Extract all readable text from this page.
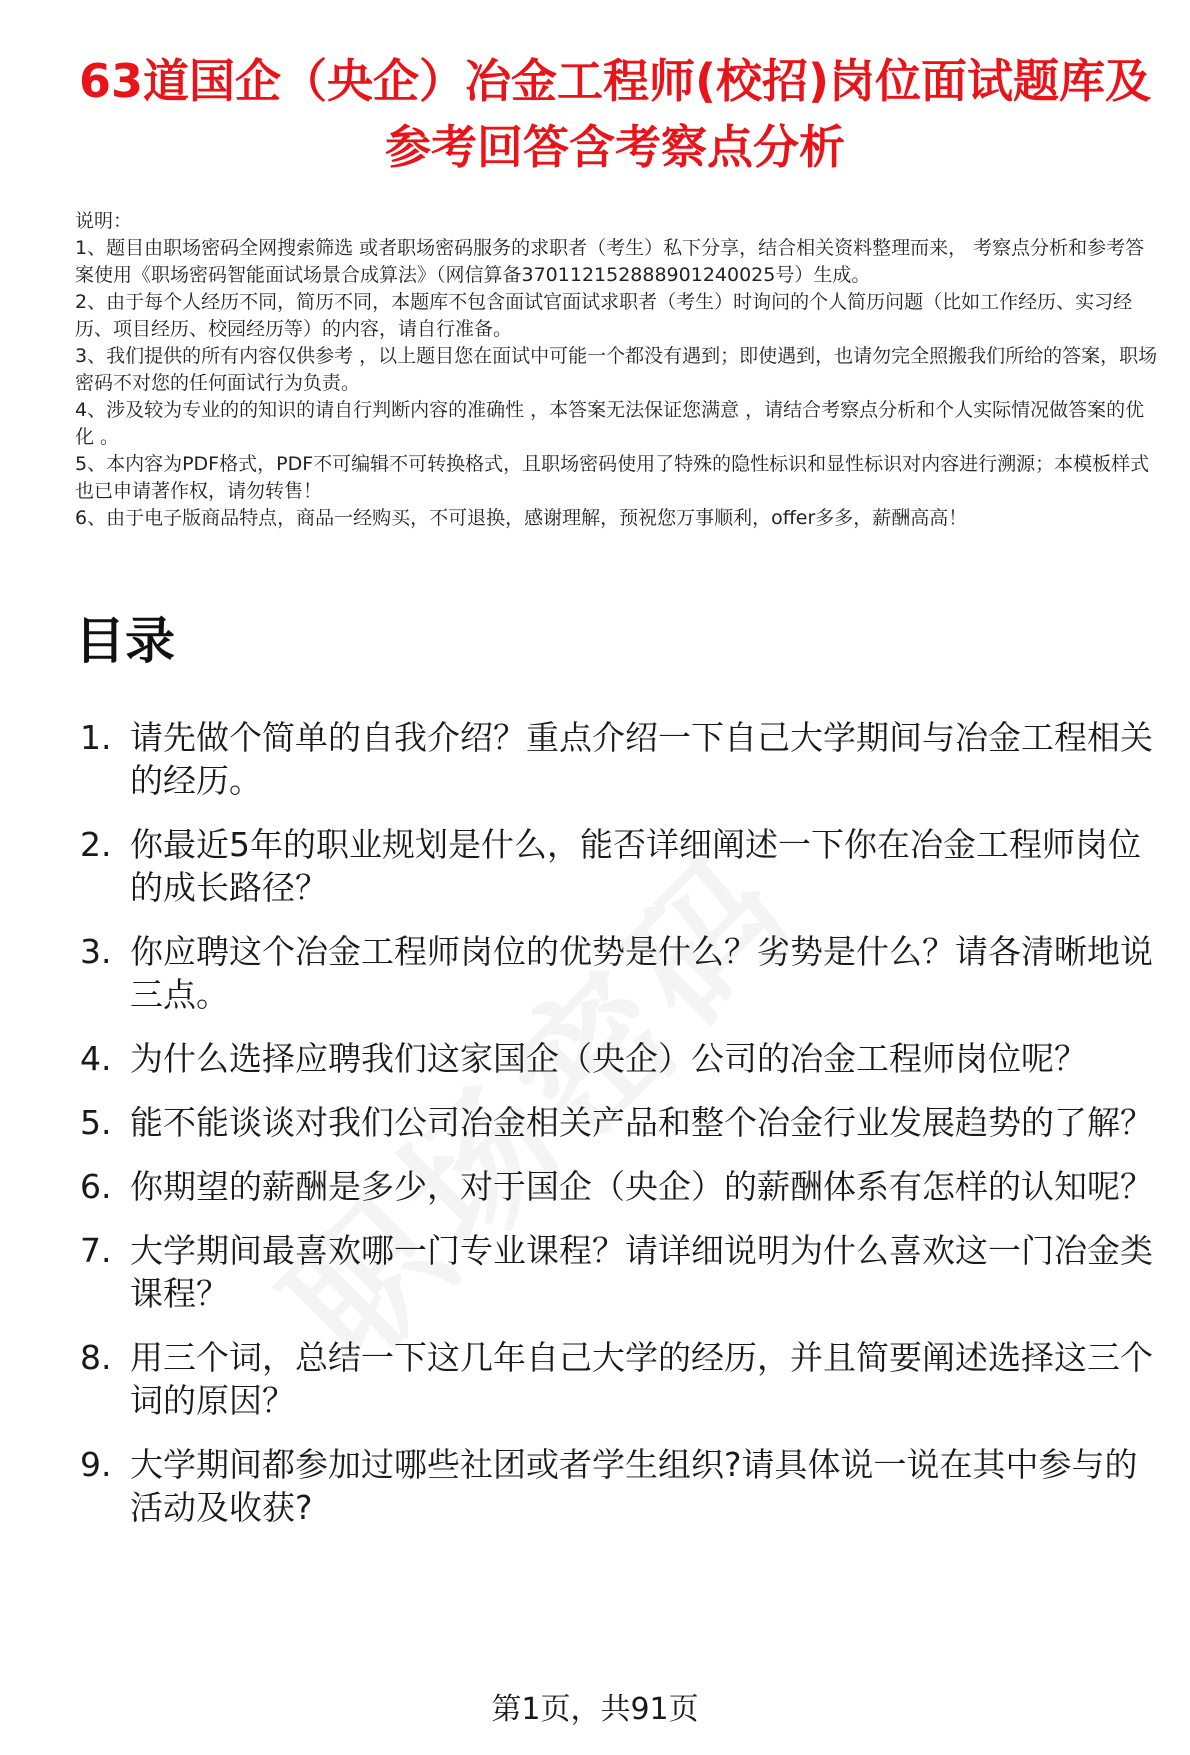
63道国企（央企）冶金工程师(校招)岗位面试题库及参考回答含考察点分析

说明：

1、题目由职场密码全网搜索筛选 或者职场密码服务的求职者（考生）私下分享，结合相关资料整理而来， 考察点分析和参考答案使用《职场密码智能面试场景合成算法》（网信算备370112152888901240025号）生成。

2、由于每个人经历不同，简历不同，本题库不包含面试官面试求职者（考生）时询问的个人简历问题（比如工作经历、实习经历、项目经历、校园经历等）的内容，请自行准备。

3、我们提供的所有内容仅供参考 ，以上题目您在面试中可能一个都没有遇到；即使遇到，也请勿完全照搬我们所给的答案，职场密码不对您的任何面试行为负责。

4、涉及较为专业的的知识的请自行判断内容的准确性 ，本答案无法保证您满意 ，请结合考察点分析和个人实际情况做答案的优化 。

5、本内容为PDF格式，PDF不可编辑不可转换格式，且职场密码使用了特殊的隐性标识和显性标识对内容进行溯源；本模板样式也已申请著作权，请勿转售！

6、由于电子版商品特点，商品一经购买，不可退换，感谢理解，预祝您万事顺利，offer多多，薪酬高高！

目录
1. 请先做个简单的自我介绍？重点介绍一下自己大学期间与冶金工程相关的经历。
2. 你最近5年的职业规划是什么，能否详细阐述一下你在冶金工程师岗位的成长路径？
3. 你应聘这个冶金工程师岗位的优势是什么？劣势是什么？请各清晰地说三点。
4. 为什么选择应聘我们这家国企（央企）公司的冶金工程师岗位呢？
5. 能不能谈谈对我们公司冶金相关产品和整个冶金行业发展趋势的了解？
6. 你期望的薪酬是多少，对于国企（央企）的薪酬体系有怎样的认知呢？
7. 大学期间最喜欢哪一门专业课程？请详细说明为什么喜欢这一门冶金类课程？
8. 用三个词，总结一下这几年自己大学的经历，并且简要阐述选择这三个词的原因？
9. 大学期间都参加过哪些社团或者学生组织?请具体说一说在其中参与的活动及收获?
第1页，共91页
